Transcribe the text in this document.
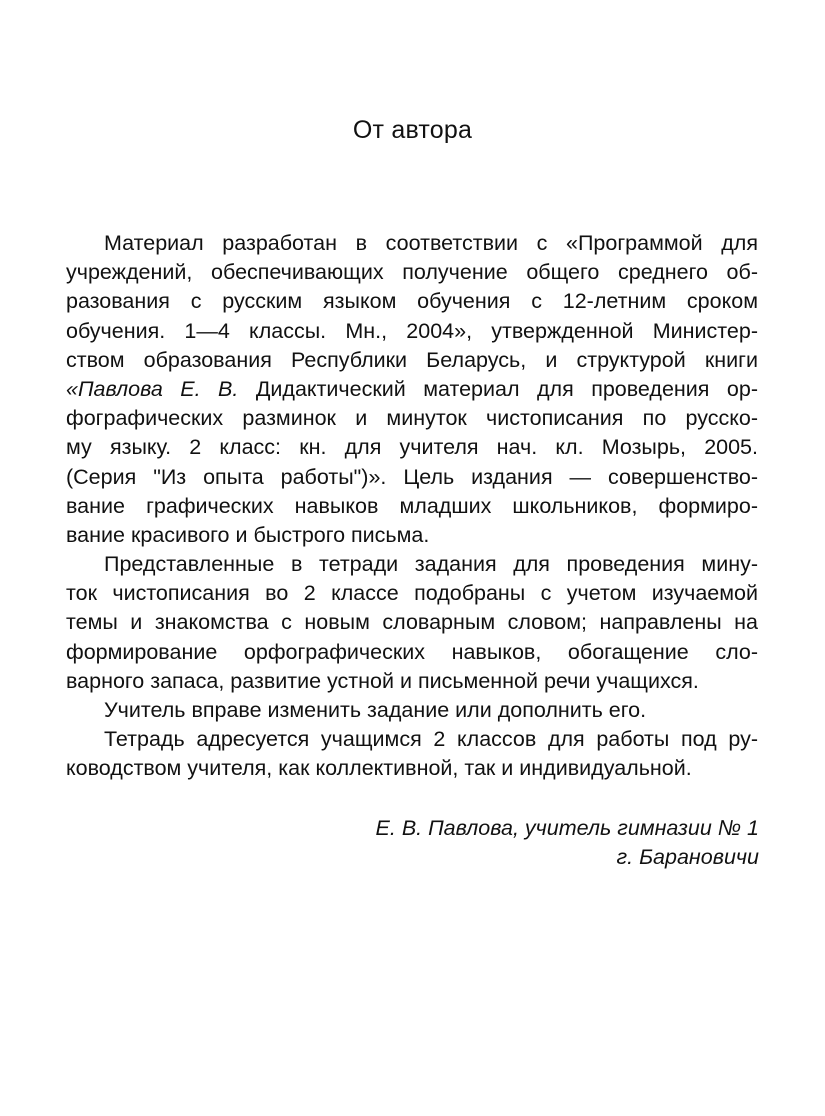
От автора
Материал разработан в соответствии с «Программой для
учреждений, обеспечивающих получение общего среднего об-
разования с русским языком обучения с 12-летним сроком
обучения. 1—4 классы. Мн., 2004», утвержденной Министер-
ством образования Республики Беларусь, и структурой книги
«Павлова Е. В. Дидактический материал для проведения ор-
фографических разминок и минуток чистописания по русско-
му языку. 2 класс: кн. для учителя нач. кл. Мозырь, 2005.
(Серия "Из опыта работы")». Цель издания — совершенство-
вание графических навыков младших школьников, формиро-
вание красивого и быстрого письма.
Представленные в тетради задания для проведения мину-
ток чистописания во 2 классе подобраны с учетом изучаемой
темы и знакомства с новым словарным словом; направлены на
формирование орфографических навыков, обогащение сло-
варного запаса, развитие устной и письменной речи учащихся.
Учитель вправе изменить задание или дополнить его.
Тетрадь адресуется учащимся 2 классов для работы под ру-
ководством учителя, как коллективной, так и индивидуальной.
Е. В. Павлова, учитель гимназии № 1
г. Барановичи
